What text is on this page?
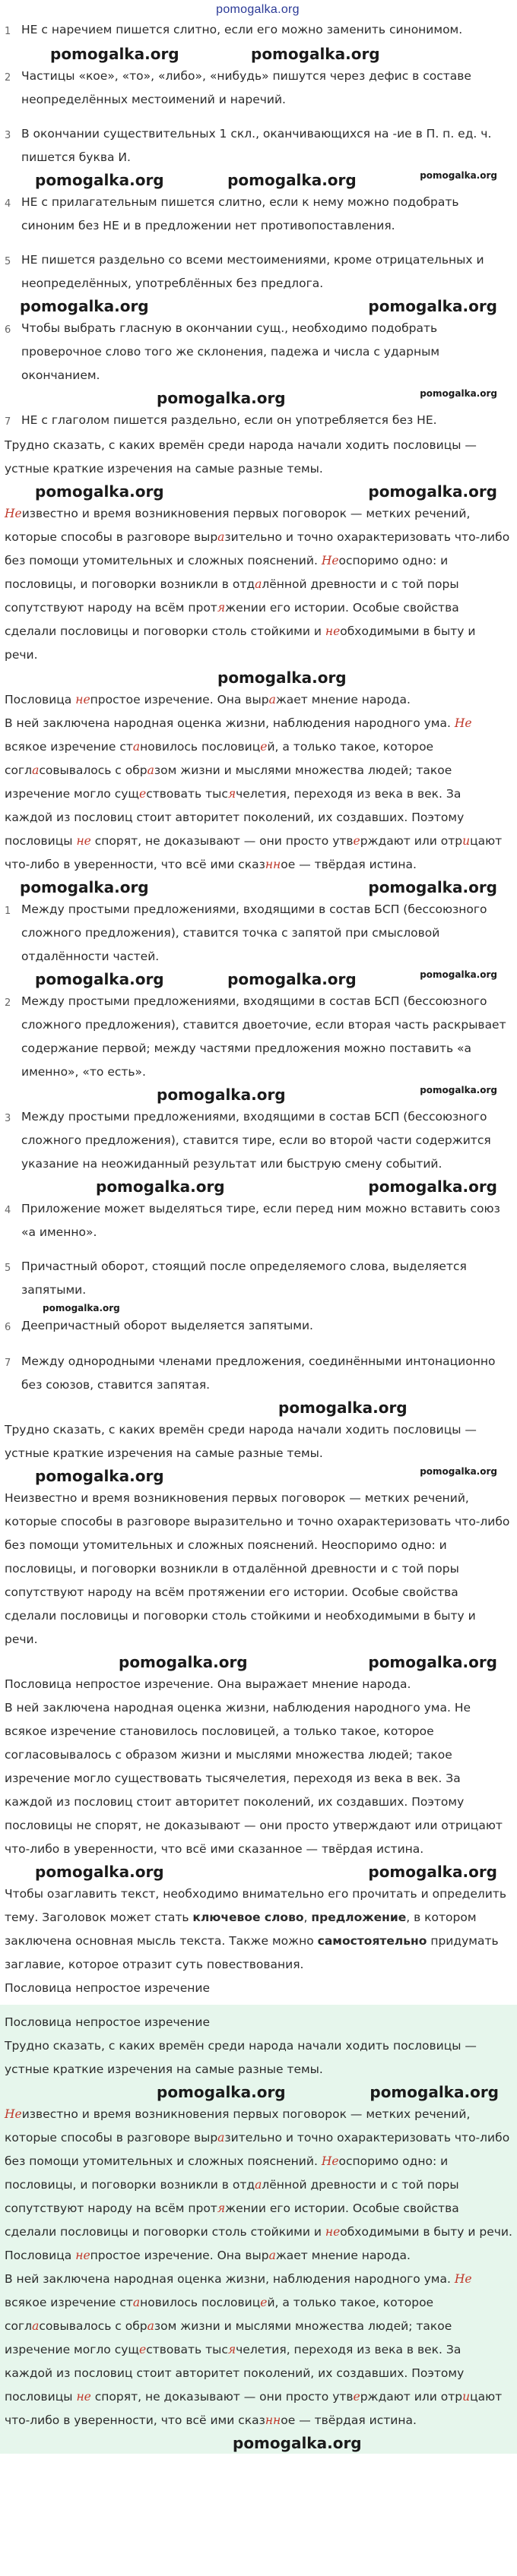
pomogalka.org
1 НЕ с наречием пишется слитно, если его можно заменить синонимом.
pomogalka.org	pomogalka.org
2 Частицы «кое», «то», «либо», «нибудь» пишутся через дефис в составе неопределённых местоимений и наречий.
3 В окончании существительных 1 скл., оканчивающихся на -ие в П. п. ед. ч. пишется буква И.
pomogalka.org	pomogalka.org	pomogalka.org
4 НЕ с прилагательным пишется слитно, если к нему можно подобрать синоним без НЕ и в предложении нет противопоставления.
5 НЕ пишется раздельно со всеми местоимениями, кроме отрицательных и неопределённых, употреблённых без предлога.
pomogalka.org	pomogalka.org
6 Чтобы выбрать гласную в окончании сущ., необходимо подобрать проверочное слово того же склонения, падежа и числа с ударным окончанием.
pomogalka.org	pomogalka.org
7 НЕ с глаголом пишется раздельно, если он употребляется без НЕ.

Трудно сказать, с каких времён среди народа начали ходить пословицы — устные краткие изречения на самые разные темы.

pomogalka.org	pomogalka.org

Неизвестно и время возникновения первых поговорок — метких речений, которые способы в разговоре выразительно и точно охарактеризовать что-либо без помощи утомительных и сложных пояснений. Неоспоримо одно: и пословицы, и поговорки возникли в отдалённой древности и с той поры сопутствуют народу на всём протяжении его истории. Особые свойства сделали пословицы и поговорки столь стойкими и необходимыми в быту и речи.

pomogalka.org

Пословица непростое изречение. Она выражает мнение народа.

В ней заключена народная оценка жизни, наблюдения народного ума. Не всякое изречение становилось пословицей, а только такое, которое согласовывалось с образом жизни и мыслями множества людей; такое изречение могло существовать тысячелетия, переходя из века в век. За каждой из пословиц стоит авторитет поколений, их создавших. Поэтому пословицы не спорят, не доказывают — они просто утверждают или отрицают что-либо в уверенности, что всё ими сказнное — твёрдая истина.

pomogalka.org	pomogalka.org
1 Между простыми предложениями, входящими в состав БСП (бессоюзного сложного предложения), ставится точка с запятой при смысловой отдалённости частей.
pomogalka.org	pomogalka.org	pomogalka.org
2 Между простыми предложениями, входящими в состав БСП (бессоюзного сложного предложения), ставится двоеточие, если вторая часть раскрывает содержание первой; между частями предложения можно поставить «а именно», «то есть».
pomogalka.org	pomogalka.org
3 Между простыми предложениями, входящими в состав БСП (бессоюзного сложного предложения), ставится тире, если во второй части содержится указание на неожиданный результат или быструю смену событий.
pomogalka.org	pomogalka.org
4 Приложение может выделяться тире, если перед ним можно вставить союз «а именно».
5 Причастный оборот, стоящий после определяемого слова, выделяется запятыми.
pomogalka.org
6 Деепричастный оборот выделяется запятыми.
7 Между однородными членами предложения, соединёнными интонационно без союзов, ставится запятая.
pomogalka.org

Трудно сказать, с каких времён среди народа начали ходить пословицы — устные краткие изречения на самые разные темы.

pomogalka.org	pomogalka.org

Неизвестно и время возникновения первых поговорок — метких речений, которые способы в разговоре выразительно и точно охарактеризовать что-либо без помощи утомительных и сложных пояснений. Неоспоримо одно: и пословицы, и поговорки возникли в отдалённой древности и с той поры сопутствуют народу на всём протяжении его истории. Особые свойства сделали пословицы и поговорки столь стойкими и необходимыми в быту и речи.

pomogalka.org	pomogalka.org

Пословица непростое изречение. Она выражает мнение народа.

В ней заключена народная оценка жизни, наблюдения народного ума. Не всякое изречение становилось пословицей, а только такое, которое согласовывалось с образом жизни и мыслями множества людей; такое изречение могло существовать тысячелетия, переходя из века в век. За каждой из пословиц стоит авторитет поколений, их создавших. Поэтому пословицы не спорят, не доказывают — они просто утверждают или отрицают что-либо в уверенности, что всё ими сказанное — твёрдая истина.

pomogalka.org	pomogalka.org

Чтобы озаглавить текст, необходимо внимательно его прочитать и определить тему. Заголовок может стать ключевое слово, предложение, в котором заключена основная мысль текста. Также можно самостоятельно придумать заглавие, которое отразит суть повествования.

Пословица непростое изречение

Пословица непростое изречение

Трудно сказать, с каких времён среди народа начали ходить пословицы — устные краткие изречения на самые разные темы.

pomogalka.org	pomogalka.org

Неизвестно и время возникновения первых поговорок — метких речений, которые способы в разговоре выразительно и точно охарактеризовать что-либо без помощи утомительных и сложных пояснений. Неоспоримо одно: и пословицы, и поговорки возникли в отдалённой древности и с той поры сопутствуют народу на всём протяжении его истории. Особые свойства сделали пословицы и поговорки столь стойкими и необходимыми в быту и речи.

Пословица непростое изречение. Она выражает мнение народа.

В ней заключена народная оценка жизни, наблюдения народного ума. Не всякое изречение становилось пословицей, а только такое, которое согласовывалось с образом жизни и мыслями множества людей; такое изречение могло существовать тысячелетия, переходя из века в век. За каждой из пословиц стоит авторитет поколений, их создавших. Поэтому пословицы не спорят, не доказывают — они просто утверждают или отрицают что-либо в уверенности, что всё ими сказнное — твёрдая истина.

pomogalka.org
